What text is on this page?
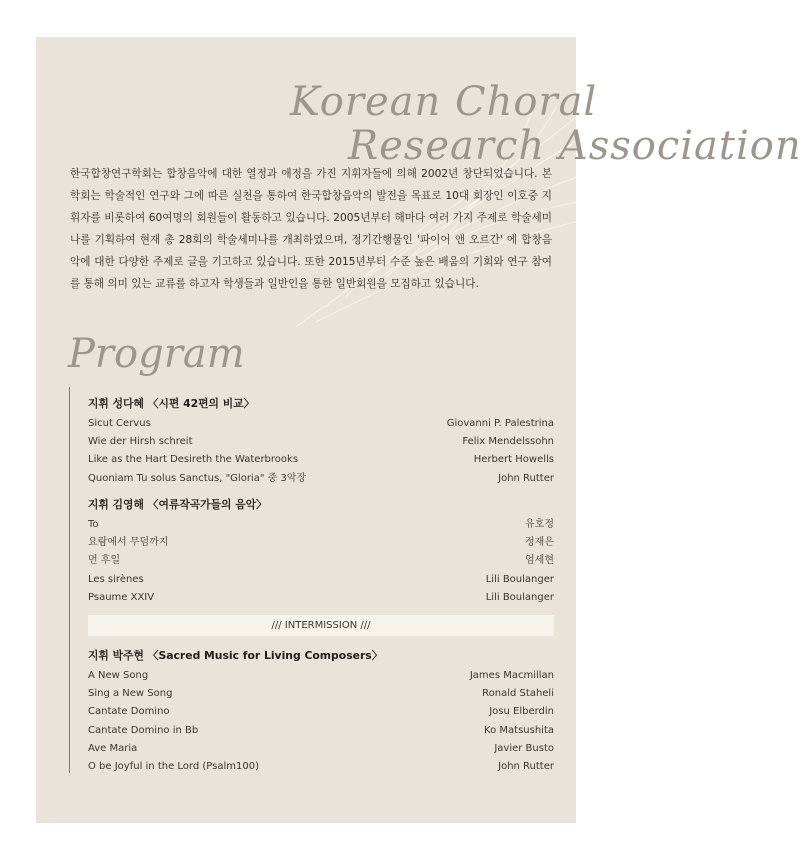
Korean Choral
Research Association

한국합창연구학회는 합창음악에 대한 열정과 애정을 가진 지휘자들에 의해 2002년 창단되었습니다. 본 학회는 학술적인 연구와 그에 따른 실천을 통하여 한국합창음악의 발전을 목표로 10대 회장인 이호중 지휘자를 비롯하여 60여명의 회원들이 활동하고 있습니다. 2005년부터 해마다 여러 가지 주제로 학술세미나를 기획하여 현재 총 28회의 학술세미나를 개최하였으며, 정기간행물인 '파이어 앤 오르간' 에 합창음악에 대한 다양한 주제로 글을 기고하고 있습니다. 또한 2015년부터 수준 높은 배움의 기회와 연구 참여를 통해 의미 있는 교류를 하고자 학생들과 일반인을 통한 일반회원을 모집하고 있습니다.

Program
지휘 성다혜 〈시편 42편의 비교〉
Sicut Cervus	Giovanni P. Palestrina
Wie der Hirsh schreit	Felix Mendelssohn
Like as the Hart Desireth the Waterbrooks	Herbert Howells
Quoniam Tu solus Sanctus, "Gloria" 중 3악장	John Rutter
지휘 김영해 〈여류작곡가들의 음악〉
To	유호정
요람에서 무덤까지	정재은
먼 후일	엄세현
Les sirènes	Lili Boulanger
Psaume XXIV	Lili Boulanger
/// INTERMISSION ///
지휘 박주현 〈Sacred Music for Living Composers〉
A New Song	James Macmillan
Sing a New Song	Ronald Staheli
Cantate Domino	Josu Elberdin
Cantate Domino in Bb	Ko Matsushita
Ave Maria	Javier Busto
O be Joyful in the Lord (Psalm100)	John Rutter
